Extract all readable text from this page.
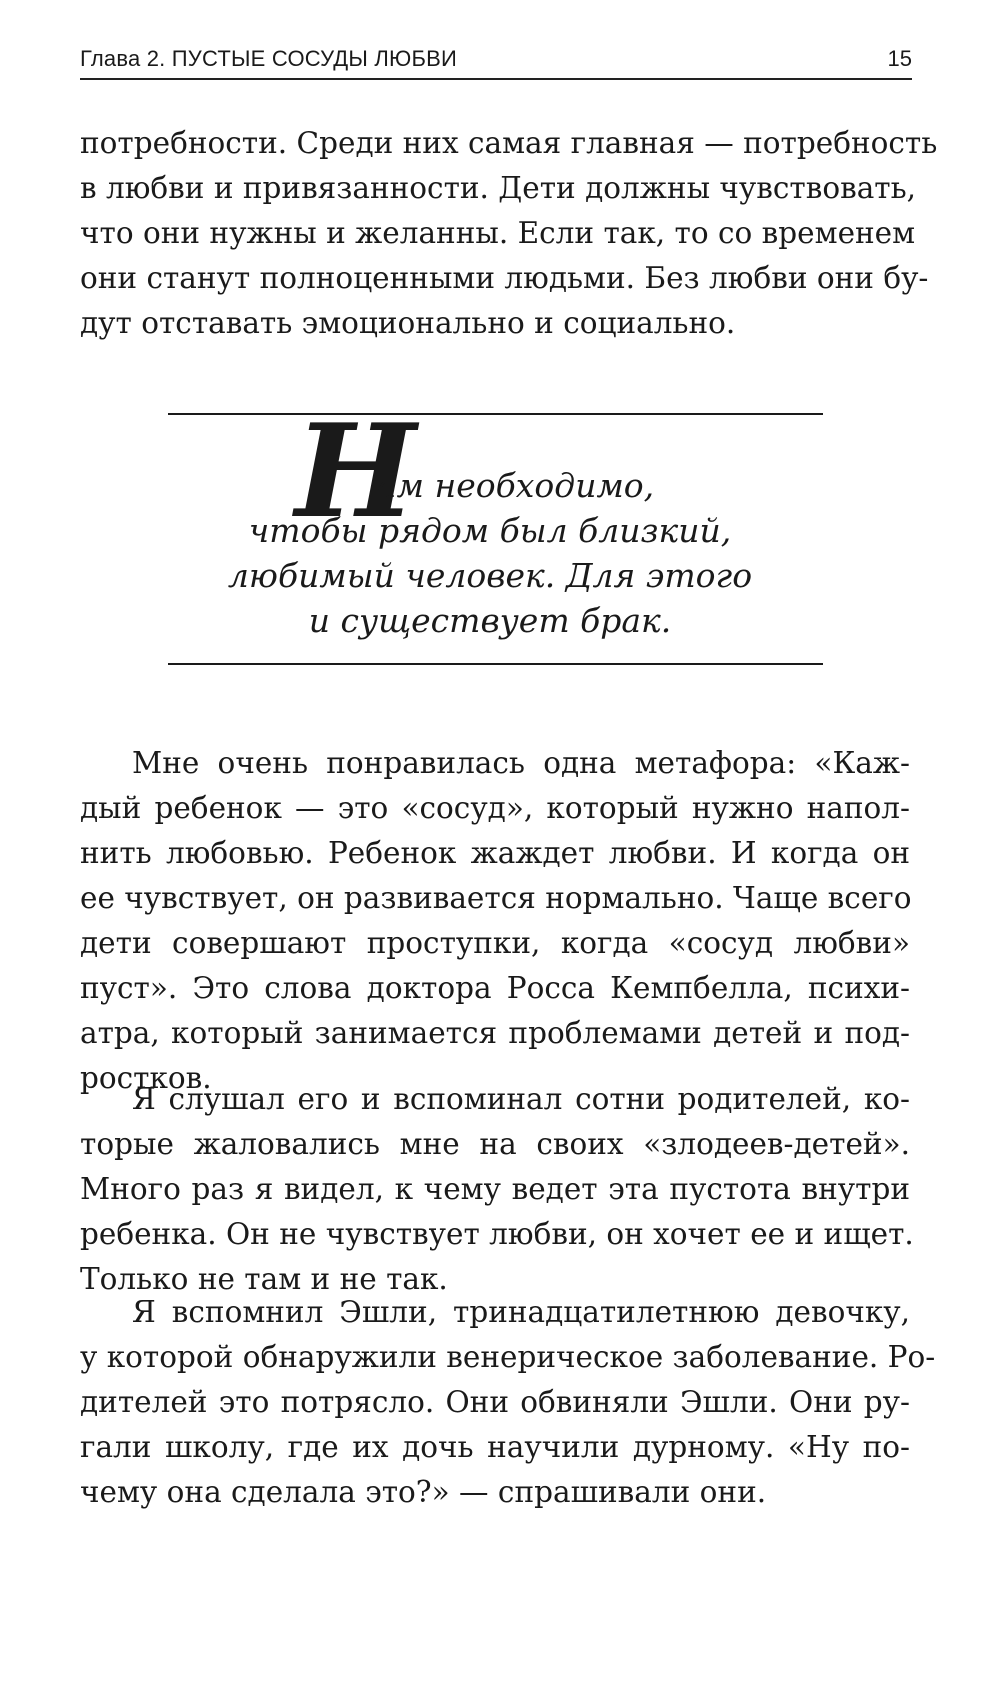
Глава 2. ПУСТЫЕ СОСУДЫ ЛЮБВИ	15

потребности. Среди них самая главная — потребность
в любви и привязанности. Дети должны чувствовать,
что они нужны и желанны. Если так, то со временем
они станут полноценными людьми. Без любви они бу-
дут отставать эмоционально и социально.

Н
ам необходимо,
чтобы рядом был близкий,
любимый человек. Для этого
и существует брак.

Мне очень понравилась одна метафора: «Каж-
дый ребенок — это «сосуд», который нужно напол-
нить любовью. Ребенок жаждет любви. И когда он
ее чувствует, он развивается нормально. Чаще всего
дети совершают проступки, когда «сосуд любви»
пуст». Это слова доктора Росса Кемпбелла, психи-
атра, который занимается проблемами детей и под-
ростков.

Я слушал его и вспоминал сотни родителей, ко-
торые жаловались мне на своих «злодеев-детей».
Много раз я видел, к чему ведет эта пустота внутри
ребенка. Он не чувствует любви, он хочет ее и ищет.
Только не там и не так.

Я вспомнил Эшли, тринадцатилетнюю девочку,
у которой обнаружили венерическое заболевание. Ро-
дителей это потрясло. Они обвиняли Эшли. Они ру-
гали школу, где их дочь научили дурному. «Ну по-
чему она сделала это?» — спрашивали они.
